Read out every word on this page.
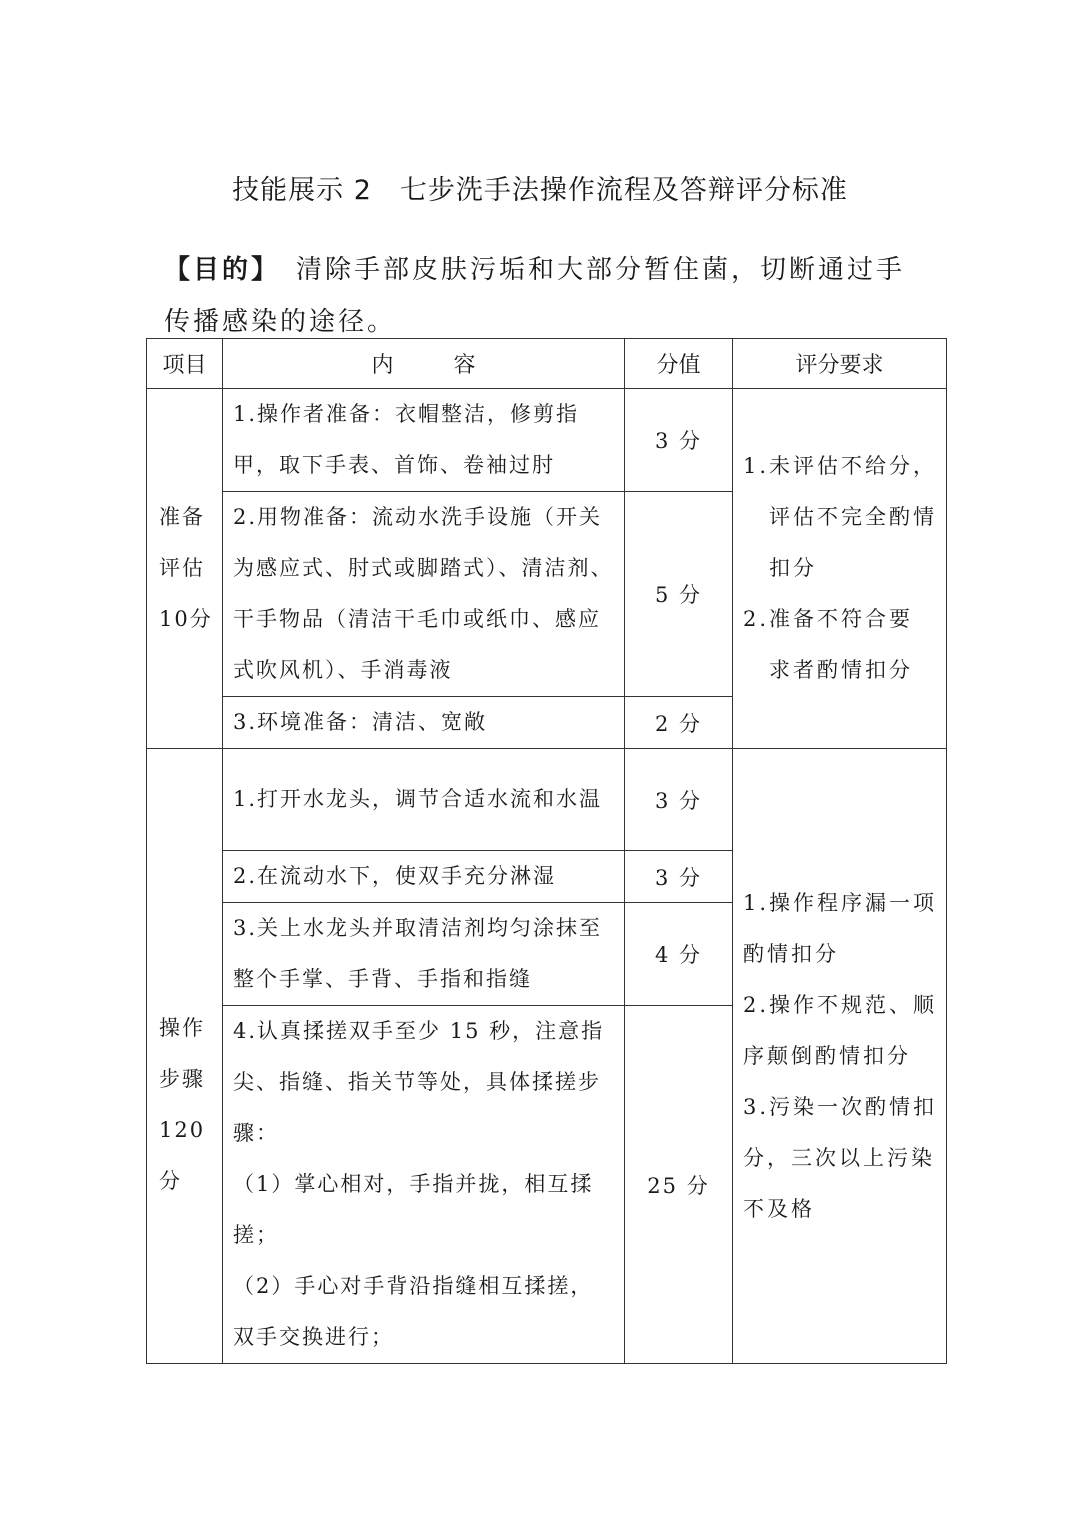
技能展示 2　七步洗手法操作流程及答辩评分标准
【目的】 清除手部皮肤污垢和大部分暂住菌，切断通过手传播感染的途径。
项目	内容	分值	评分要求
准备评估10分	1.操作者准备：衣帽整洁，修剪指甲，取下手表、首饰、卷袖过肘	3 分	1.未评估不给分，
评估不完全酌情扣分
2.准备不符合要
求者酌情扣分

	2.用物准备：流动水洗手设施（开关为感应式、肘式或脚踏式）、清洁剂、干手物品（清洁干毛巾或纸巾、感应式吹风机）、手消毒液	5 分	
	3.环境准备：清洁、宽敞	2 分	
操作步骤120分	1.打开水龙头，调节合适水流和水温	3 分	1.操作程序漏一项酌情扣分
2.操作不规范、顺序颠倒酌情扣分
3.污染一次酌情扣分，三次以上污染不及格

	2.在流动水下，使双手充分淋湿	3 分	
	3.关上水龙头并取清洁剂均匀涂抹至整个手掌、手背、手指和指缝	4 分	

	4.认真揉搓双手至少 15 秒，注意指尖、指缝、指关节等处，具体揉搓步骤：
（1）掌心相对，手指并拢，相互揉搓；
（2）手心对手背沿指缝相互揉搓，双手交换进行；	25 分	
